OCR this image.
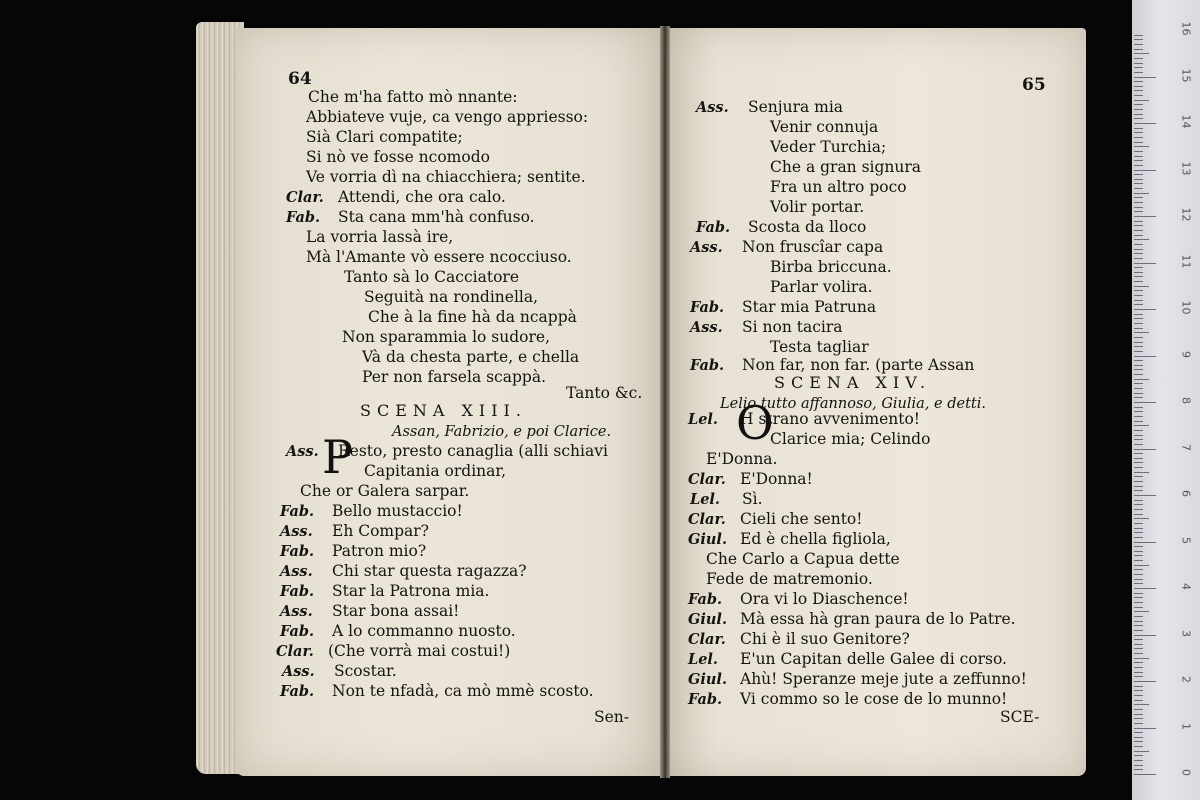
64	65
Che m'ha fatto mò nnante:
Abbiateve vuje, ca vengo appriesso:
Sià Clari compatite;
Si nò ve fosse ncomodo
Ve vorria dì na chiacchiera; sentite.
Clar. Attendi, che ora calo.
Fab. Sta cana mm'hà confuso.
La vorria lassà ire,
Mà l'Amante vò essere ncocciuso.
Tanto sà lo Cacciatore
Seguità na rondinella,
Che à la fine hà da ncappà
Non sparammia lo sudore,
Và da chesta parte, e chella
Per non farsela scappà.
Tanto &c.
SCENA XIII.
Assan, Fabrizio, e poi Clarice.
Ass. Resto, presto canaglia (alli schiavi
Capitania ordinar,
Che or Galera sarpar.
Fab. Bello mustaccio!
Ass. Eh Compar?
Fab. Patron mio?
Ass. Chi star questa ragazza?
Fab. Star la Patrona mia.
Ass. Star bona assai!
Fab. A lo commanno nuosto.
Clar. (Che vorrà mai costui!)
Ass. Scostar.
Fab. Non te nfadà, ca mò mmè scosto.
Ass. Senjura mia
Venir connuja
Veder Turchia;
Che a gran signura
Fra un altro poco
Volir portar.
Fab. Scosta da lloco
Ass. Non fruscîar capa
Birba briccuna.
Parlar volira.
Fab. Star mia Patruna
Ass. Si non tacira
Testa tagliar
Fab. Non far, non far. (parte Assan
SCENA XIV.
Lelio tutto affannoso, Giulia, e detti.
Lel. H strano avvenimento!
Clarice mia; Celindo
E'Donna.
Clar. E'Donna!
Lel. Sì.
Clar. Cieli che sento!
Giul. Ed è chella figliola,
Che Carlo a Capua dette
Fede de matremonio.
Fab. Ora vi lo Diaschence!
Giul. Mà essa hà gran paura de lo Patre.
Clar. Chi è il suo Genitore?
Lel. E'un Capitan delle Galee di corso.
Giul. Ahù! Speranze meje jute a zeffunno!
Fab. Vi commo so le cose de lo munno!
P
O
Sen-	SCE-
0
1
2
3
4
5
6
7
8
9
10
11
12
13
14
15
16
